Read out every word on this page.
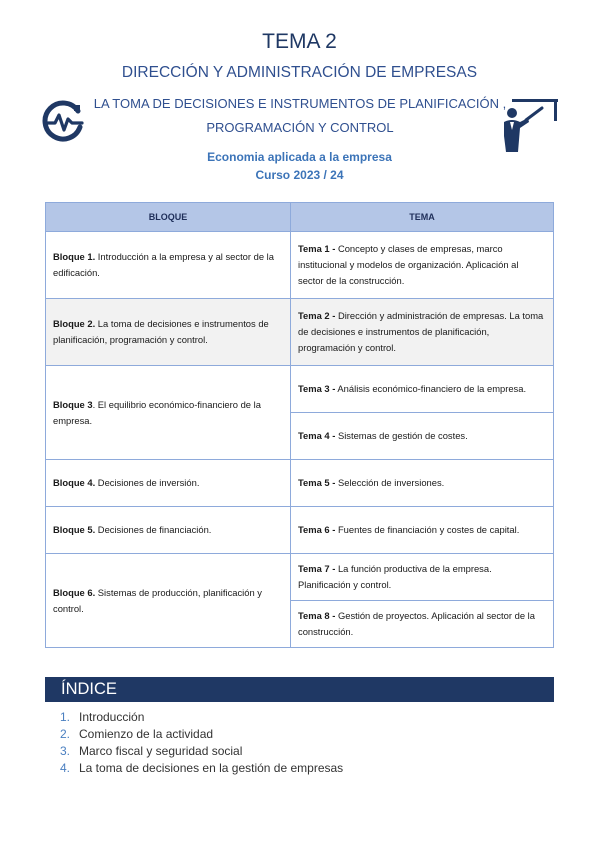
TEMA 2
DIRECCIÓN Y ADMINISTRACIÓN DE EMPRESAS
LA TOMA DE DECISIONES E INSTRUMENTOS DE PLANIFICACIÓN ,
PROGRAMACIÓN Y CONTROL
Economia aplicada a la empresa
Curso 2023 / 24
BLOQUE	TEMA
Bloque 1. Introducción a la empresa y al sector de la edificación.	Tema 1 - Concepto y clases de empresas, marco institucional y modelos de organización. Aplicación al sector de la construcción.
Bloque 2. La toma de decisiones e instrumentos de planificación, programación y control.	Tema 2 - Dirección y administración de empresas. La toma de decisiones e instrumentos de planificación, programación y control.
Bloque 3. El equilibrio económico-financiero de la empresa.	Tema 3 - Análisis económico-financiero de la empresa.
	Tema 4 - Sistemas de gestión de costes.
Bloque 4. Decisiones de inversión.	Tema 5 - Selección de inversiones.
Bloque 5. Decisiones de financiación.	Tema 6 - Fuentes de financiación y costes de capital.
Bloque 6. Sistemas de producción, planificación y control.	Tema 7 - La función productiva de la empresa. Planificación y control.
	Tema 8 - Gestión de proyectos. Aplicación al sector de la construcción.
ÍNDICE
1. Introducción
2. Comienzo de la actividad
3. Marco fiscal y seguridad social
4. La toma de decisiones en la gestión de empresas
